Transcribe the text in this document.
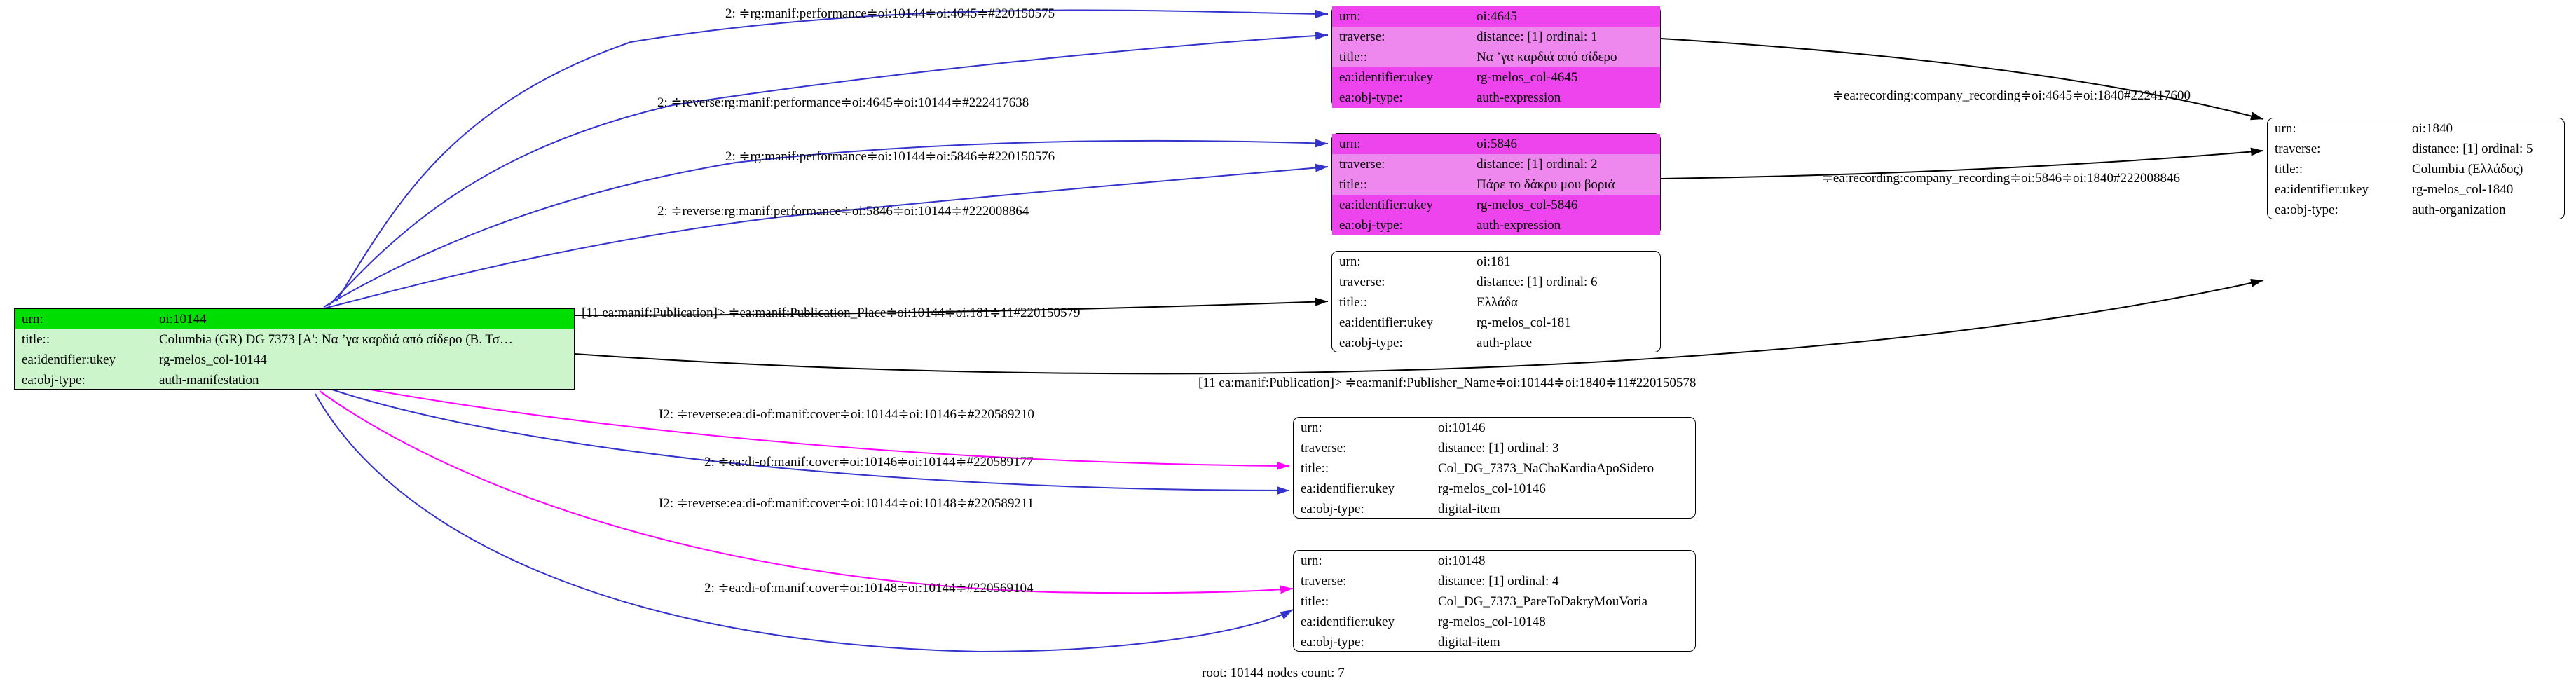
urn:	oi:10144
title::	Columbia (GR) DG 7373 [A': Να ’γα καρδιά από σίδερο (Β. Τσ…
ea:identifier:ukey	rg-melos_col-10144
ea:obj-type:	auth-manifestation
urn:	oi:4645
traverse:	distance: [1] ordinal: 1
title::	Να ’γα καρδιά από σίδερο
ea:identifier:ukey	rg-melos_col-4645
ea:obj-type:	auth-expression
urn:	oi:5846
traverse:	distance: [1] ordinal: 2
title::	Πάρε το δάκρυ μου βοριά
ea:identifier:ukey	rg-melos_col-5846
ea:obj-type:	auth-expression
urn:	oi:181
traverse:	distance: [1] ordinal: 6
title::	Ελλάδα
ea:identifier:ukey	rg-melos_col-181
ea:obj-type:	auth-place
urn:	oi:1840
traverse:	distance: [1] ordinal: 5
title::	Columbia (Ελλάδος)
ea:identifier:ukey	rg-melos_col-1840
ea:obj-type:	auth-organization
urn:	oi:10146
traverse:	distance: [1] ordinal: 3
title::	Col_DG_7373_NaChaKardiaApoSidero
ea:identifier:ukey	rg-melos_col-10146
ea:obj-type:	digital-item
urn:	oi:10148
traverse:	distance: [1] ordinal: 4
title::	Col_DG_7373_PareToDakryMouVoria
ea:identifier:ukey	rg-melos_col-10148
ea:obj-type:	digital-item
2: ≑rg:manif:performance≑oi:10144≑oi:4645≑#220150575
2: ≑reverse:rg:manif:performance≑oi:4645≑oi:10144≑#222417638
2: ≑rg:manif:performance≑oi:10144≑oi:5846≑#220150576
2: ≑reverse:rg:manif:performance≑oi:5846≑oi:10144≑#222008864
[11 ea:manif:Publication]> ≑ea:manif:Publication_Place≑oi:10144≑oi:181≑11#220150579
[11 ea:manif:Publication]> ≑ea:manif:Publisher_Name≑oi:10144≑oi:1840≑11#220150578
≑ea:recording:company_recording≑oi:4645≑oi:1840#222417600
≑ea:recording:company_recording≑oi:5846≑oi:1840#222008846
I2: ≑reverse:ea:di-of:manif:cover≑oi:10144≑oi:10146≑#220589210
2: ≑ea:di-of:manif:cover≑oi:10146≑oi:10144≑#220589177
I2: ≑reverse:ea:di-of:manif:cover≑oi:10144≑oi:10148≑#220589211
2: ≑ea:di-of:manif:cover≑oi:10148≑oi:10144≑#220569104
root: 10144 nodes count: 7
